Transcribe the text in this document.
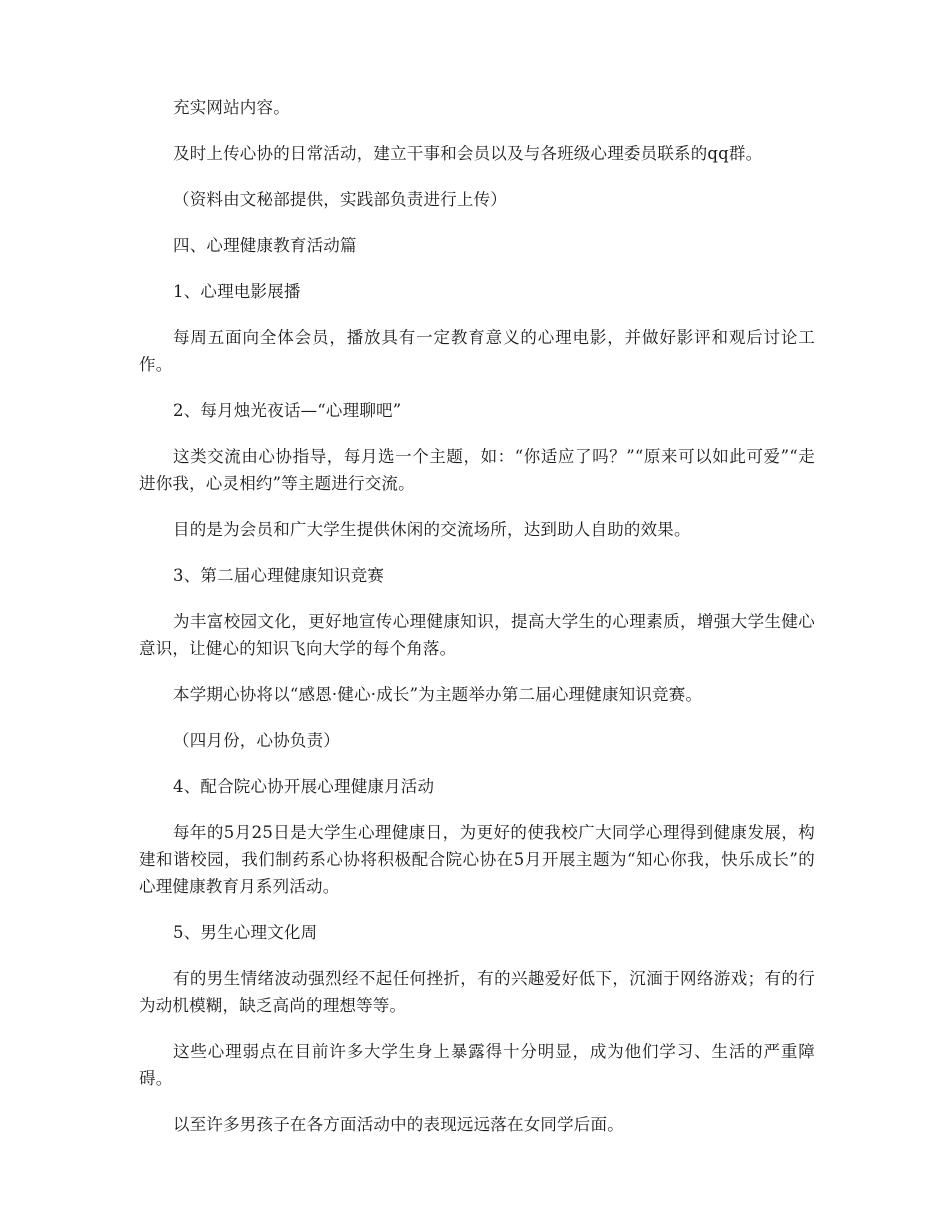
充实网站内容。

及时上传心协的日常活动，建立干事和会员以及与各班级心理委员联系的qq群。

（资料由文秘部提供，实践部负责进行上传）

四、心理健康教育活动篇

1、心理电影展播

每周五面向全体会员，播放具有一定教育意义的心理电影，并做好影评和观后讨论工作。

2、每月烛光夜话—“心理聊吧”

这类交流由心协指导，每月选一个主题，如：“你适应了吗？”“原来可以如此可爱”“走进你我，心灵相约”等主题进行交流。

目的是为会员和广大学生提供休闲的交流场所，达到助人自助的效果。

3、第二届心理健康知识竞赛

为丰富校园文化，更好地宣传心理健康知识，提高大学生的心理素质，增强大学生健心意识，让健心的知识飞向大学的每个角落。

本学期心协将以“感恩·健心·成长”为主题举办第二届心理健康知识竞赛。

（四月份，心协负责）

4、配合院心协开展心理健康月活动

每年的5月25日是大学生心理健康日，为更好的使我校广大同学心理得到健康发展，构建和谐校园，我们制药系心协将积极配合院心协在5月开展主题为“知心你我，快乐成长”的心理健康教育月系列活动。

5、男生心理文化周

有的男生情绪波动强烈经不起任何挫折，有的兴趣爱好低下，沉湎于网络游戏；有的行为动机模糊，缺乏高尚的理想等等。

这些心理弱点在目前许多大学生身上暴露得十分明显，成为他们学习、生活的严重障碍。

以至许多男孩子在各方面活动中的表现远远落在女同学后面。
